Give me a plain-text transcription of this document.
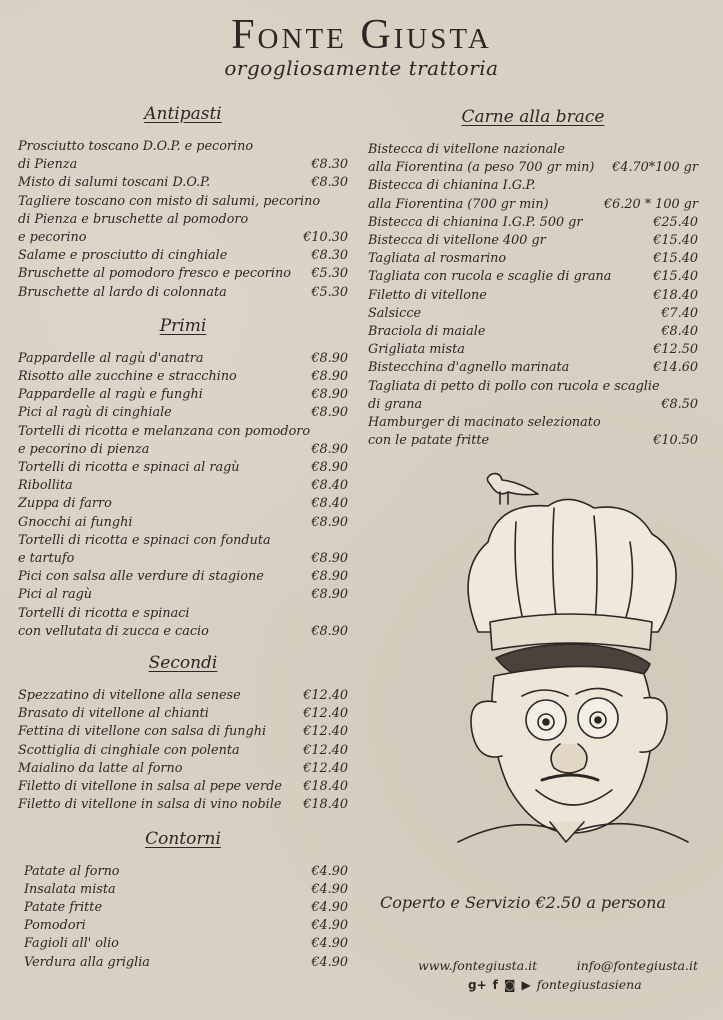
Fonte Giusta
orgogliosamente trattoria
Antipasti
Prosciutto toscano D.O.P. e pecorino
di Pienza	€8.30
Misto di salumi toscani D.O.P.	€8.30
Tagliere toscano con misto di salumi, pecorino
di Pienza e bruschette al pomodoro
e pecorino	€10.30
Salame e prosciutto di cinghiale	€8.30
Bruschette al pomodoro fresco e pecorino	€5.30
Bruschette al lardo di colonnata	€5.30
Primi
Pappardelle al ragù d'anatra	€8.90
Risotto alle zucchine e stracchino	€8.90
Pappardelle al ragù e funghi	€8.90
Pici al ragù di cinghiale	€8.90
Tortelli di ricotta e melanzana con pomodoro
e pecorino di pienza	€8.90
Tortelli di ricotta e spinaci al ragù	€8.90
Ribollita	€8.40
Zuppa di farro	€8.40
Gnocchi ai funghi	€8.90
Tortelli di ricotta e spinaci con fonduta
e tartufo	€8.90
Pici con salsa alle verdure di stagione	€8.90
Pici al ragù	€8.90
Tortelli di ricotta e spinaci
con vellutata di zucca e cacio	€8.90
Secondi
Spezzatino di vitellone alla senese	€12.40
Brasato di vitellone al chianti	€12.40
Fettina di vitellone con salsa di funghi	€12.40
Scottiglia di cinghiale con polenta	€12.40
Maialino da latte al forno	€12.40
Filetto di vitellone in salsa al pepe verde	€18.40
Filetto di vitellone in salsa di vino nobile	€18.40
Contorni
Patate al forno	€4.90
Insalata mista	€4.90
Patate fritte	€4.90
Pomodori	€4.90
Fagioli all' olio	€4.90
Verdura alla griglia	€4.90
Carne alla brace
Bistecca di vitellone nazionale
alla Fiorentina (a peso 700 gr min)	€4.70*100 gr
Bistecca di chianina I.G.P.
alla Fiorentina (700 gr min)	€6.20 * 100 gr
Bistecca di chianina I.G.P. 500 gr	€25.40
Bistecca di vitellone 400 gr	€15.40
Tagliata al rosmarino	€15.40
Tagliata con rucola e scaglie di grana	€15.40
Filetto di vitellone	€18.40
Salsicce	€7.40
Braciola di maiale	€8.40
Grigliata mista	€12.50
Bistecchina d'agnello marinata	€14.60
Tagliata di petto di pollo con rucola e scaglie
di grana	€8.50
Hamburger di macinato selezionato
con le patate fritte	€10.50
Coperto e Servizio €2.50 a persona
www.fontegiusta.it	info@fontegiusta.it
g+ f ◙ ▶ fontegiustasiena
